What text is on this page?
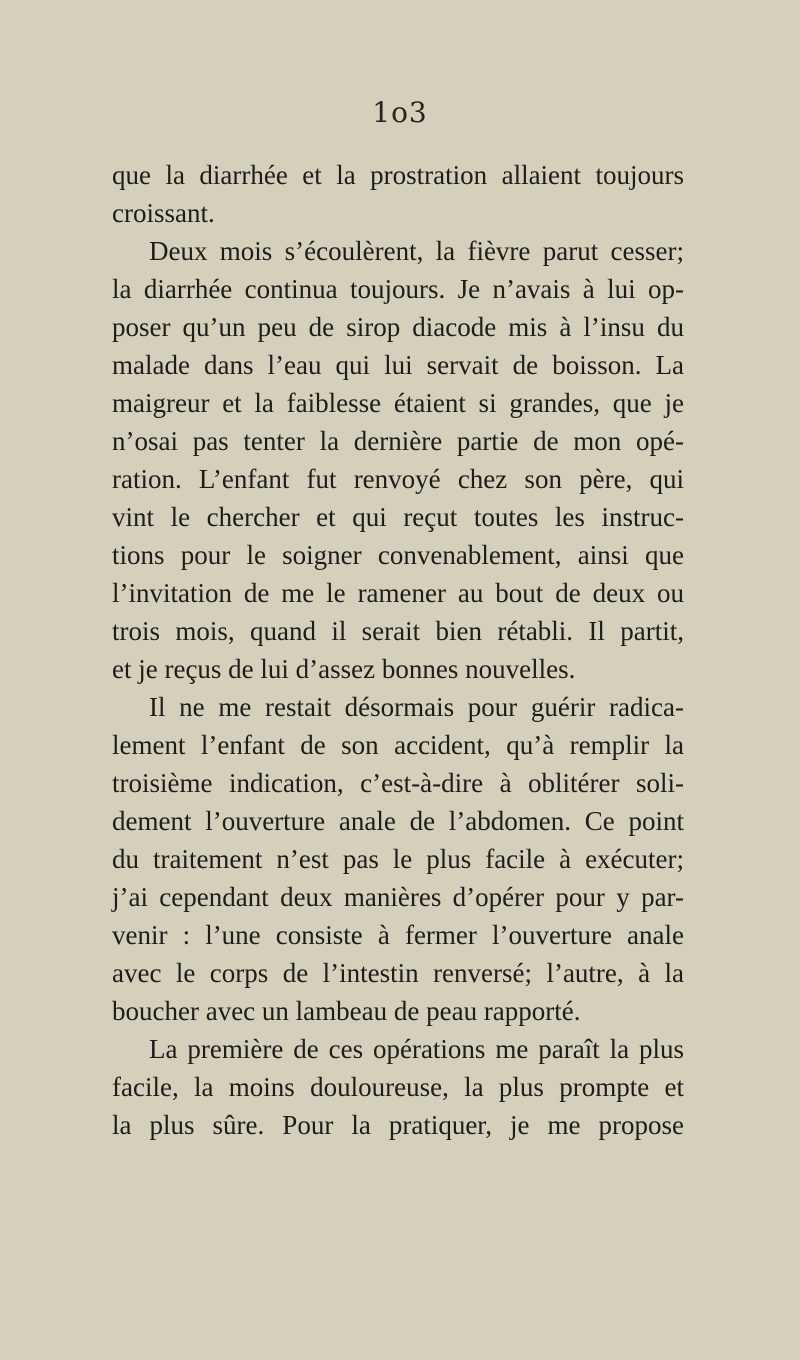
1o3
que la diarrhée et la prostration allaient toujours
croissant.
Deux mois s’écoulèrent, la fièvre parut cesser;
la diarrhée continua toujours. Je n’avais à lui op-
poser qu’un peu de sirop diacode mis à l’insu du
malade dans l’eau qui lui servait de boisson. La
maigreur et la faiblesse étaient si grandes, que je
n’osai pas tenter la dernière partie de mon opé-
ration. L’enfant fut renvoyé chez son père, qui
vint le chercher et qui reçut toutes les instruc-
tions pour le soigner convenablement, ainsi que
l’invitation de me le ramener au bout de deux ou
trois mois, quand il serait bien rétabli. Il partit,
et je reçus de lui d’assez bonnes nouvelles.
Il ne me restait désormais pour guérir radica-
lement l’enfant de son accident, qu’à remplir la
troisième indication, c’est-à-dire à oblitérer soli-
dement l’ouverture anale de l’abdomen. Ce point
du traitement n’est pas le plus facile à exécuter;
j’ai cependant deux manières d’opérer pour y par-
venir : l’une consiste à fermer l’ouverture anale
avec le corps de l’intestin renversé; l’autre, à la
boucher avec un lambeau de peau rapporté.
La première de ces opérations me paraît la plus
facile, la moins douloureuse, la plus prompte et
la plus sûre. Pour la pratiquer, je me propose
